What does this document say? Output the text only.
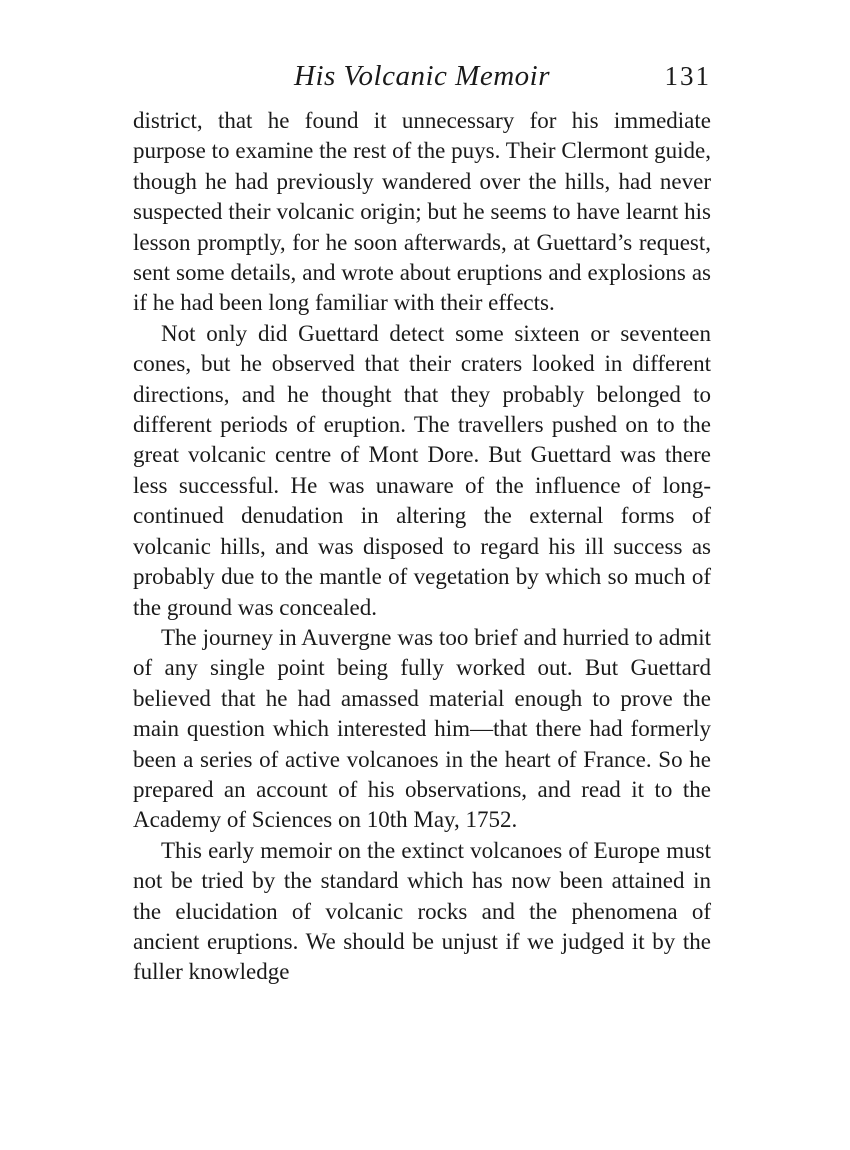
His Volcanic Memoir	131

district, that he found it unnecessary for his immediate purpose to examine the rest of the puys. Their Clermont guide, though he had previously wandered over the hills, had never suspected their volcanic origin; but he seems to have learnt his lesson promptly, for he soon afterwards, at Guettard’s request, sent some details, and wrote about eruptions and explosions as if he had been long familiar with their effects.

Not only did Guettard detect some sixteen or seventeen cones, but he observed that their craters looked in different directions, and he thought that they probably belonged to different periods of eruption. The travellers pushed on to the great volcanic centre of Mont Dore. But Guettard was there less successful. He was unaware of the influence of long-continued denudation in altering the external forms of volcanic hills, and was disposed to regard his ill success as probably due to the mantle of vegetation by which so much of the ground was concealed.

The journey in Auvergne was too brief and hurried to admit of any single point being fully worked out. But Guettard believed that he had amassed material enough to prove the main question which interested him—that there had formerly been a series of active volcanoes in the heart of France. So he prepared an account of his observations, and read it to the Academy of Sciences on 10th May, 1752.

This early memoir on the extinct volcanoes of Europe must not be tried by the standard which has now been attained in the elucidation of volcanic rocks and the phenomena of ancient eruptions. We should be unjust if we judged it by the fuller knowledge
